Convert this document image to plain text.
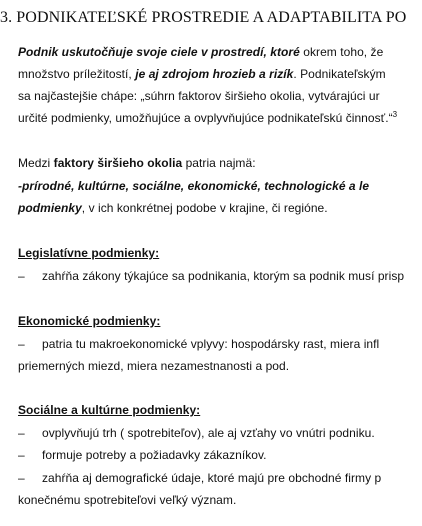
3. PODNIKATEĽSKÉ PROSTREDIE A ADAPTABILITA PO
Podnik uskutočňuje svoje ciele v prostredí, ktoré okrem toho, že
množstvo príležitostí, je aj zdrojom hrozieb a rizík. Podnikateľským
sa najčastejšie chápe: „súhrn faktorov širšieho okolia, vytvárajúci ur
určité podmienky, umožňujúce a ovplyvňujúce podnikateľskú činnosť.“$^3$
Medzi faktory širšieho okolia patria najmä:
-prírodné, kultúrne, sociálne, ekonomické, technologické a le
podmienky, v ich konkrétnej podobe v krajine, či regióne.
Legislatívne podmienky:
– zahŕňa zákony týkajúce sa podnikania, ktorým sa podnik musí prisp
Ekonomické podmienky:
– patria tu makroekonomické vplyvy: hospodársky rast, miera infl
priemerných miezd, miera nezamestnanosti a pod.
Sociálne a kultúrne podmienky:
– ovplyvňujú trh ( spotrebiteľov), ale aj vzťahy vo vnútri podniku.
– formuje potreby a požiadavky zákazníkov.
– zahŕňa aj demografické údaje, ktoré majú pre obchodné firmy p
konečnému spotrebiteľovi veľký význam.
